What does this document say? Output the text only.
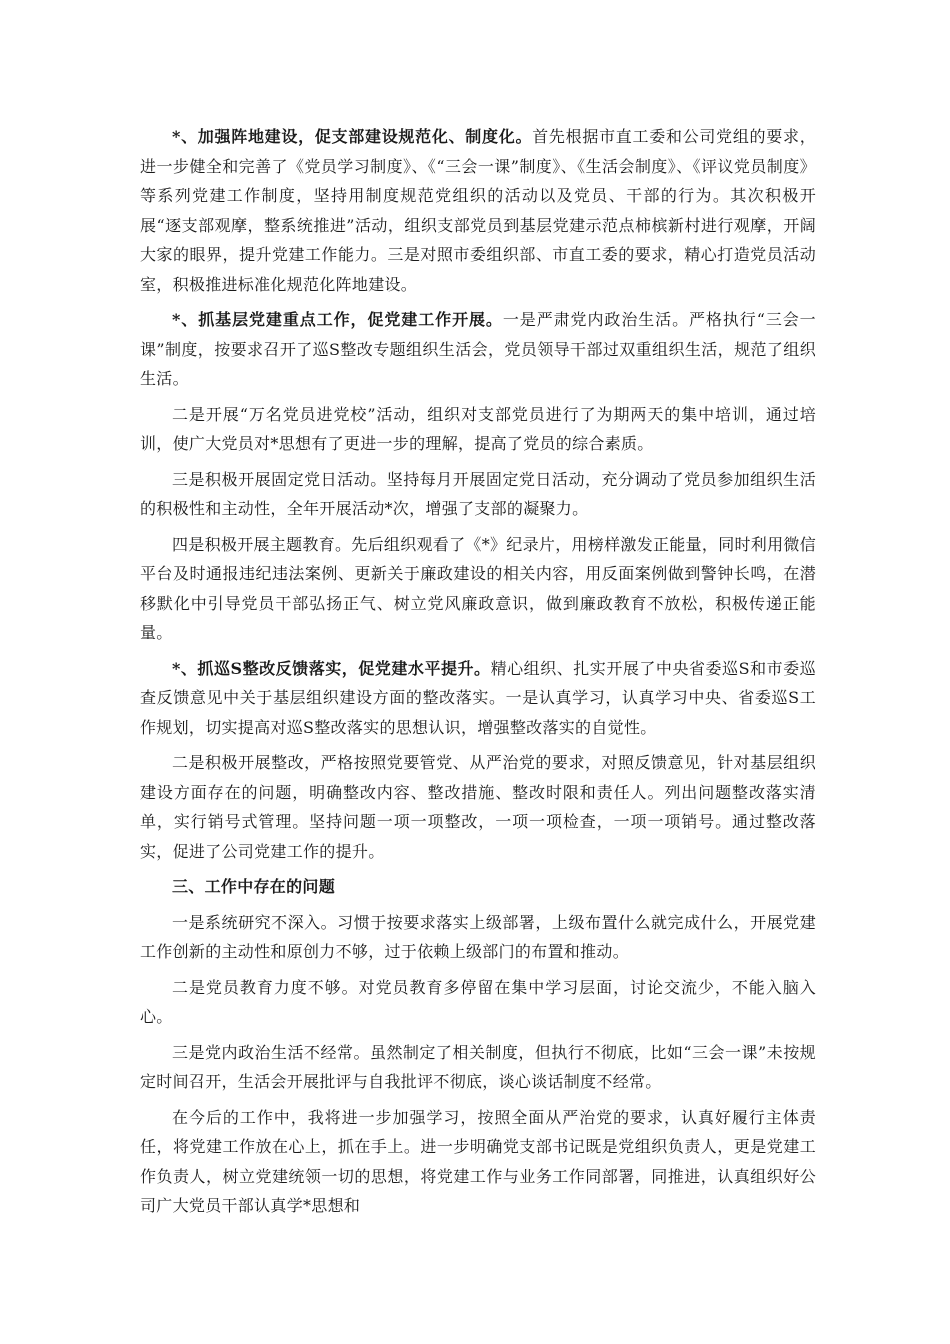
*、加强阵地建设，促支部建设规范化、制度化。首先根据市直工委和公司党组的要求，进一步健全和完善了《党员学习制度》、《“三会一课”制度》、《生活会制度》、《评议党员制度》等系列党建工作制度，坚持用制度规范党组织的活动以及党员、干部的行为。其次积极开展“逐支部观摩，整系统推进”活动，组织支部党员到基层党建示范点柿槟新村进行观摩，开阔大家的眼界，提升党建工作能力。三是对照市委组织部、市直工委的要求，精心打造党员活动室，积极推进标准化规范化阵地建设。

*、抓基层党建重点工作，促党建工作开展。一是严肃党内政治生活。严格执行“三会一课”制度，按要求召开了巡S整改专题组织生活会，党员领导干部过双重组织生活，规范了组织生活。

二是开展“万名党员进党校”活动，组织对支部党员进行了为期两天的集中培训，通过培训，使广大党员对*思想有了更进一步的理解，提高了党员的综合素质。

三是积极开展固定党日活动。坚持每月开展固定党日活动，充分调动了党员参加组织生活的积极性和主动性，全年开展活动*次，增强了支部的凝聚力。

四是积极开展主题教育。先后组织观看了《*》纪录片，用榜样激发正能量，同时利用微信平台及时通报违纪违法案例、更新关于廉政建设的相关内容，用反面案例做到警钟长鸣，在潜移默化中引导党员干部弘扬正气、树立党风廉政意识，做到廉政教育不放松，积极传递正能量。

*、抓巡S整改反馈落实，促党建水平提升。精心组织、扎实开展了中央省委巡S和市委巡查反馈意见中关于基层组织建设方面的整改落实。一是认真学习，认真学习中央、省委巡S工作规划，切实提高对巡S整改落实的思想认识，增强整改落实的自觉性。

二是积极开展整改，严格按照党要管党、从严治党的要求，对照反馈意见，针对基层组织建设方面存在的问题，明确整改内容、整改措施、整改时限和责任人。列出问题整改落实清单，实行销号式管理。坚持问题一项一项整改，一项一项检查，一项一项销号。通过整改落实，促进了公司党建工作的提升。

三、工作中存在的问题

一是系统研究不深入。习惯于按要求落实上级部署，上级布置什么就完成什么，开展党建工作创新的主动性和原创力不够，过于依赖上级部门的布置和推动。

二是党员教育力度不够。对党员教育多停留在集中学习层面，讨论交流少，不能入脑入心。

三是党内政治生活不经常。虽然制定了相关制度，但执行不彻底，比如“三会一课”未按规定时间召开，生活会开展批评与自我批评不彻底，谈心谈话制度不经常。

在今后的工作中，我将进一步加强学习，按照全面从严治党的要求，认真好履行主体责任，将党建工作放在心上，抓在手上。进一步明确党支部书记既是党组织负责人，更是党建工作负责人，树立党建统领一切的思想，将党建工作与业务工作同部署，同推进，认真组织好公司广大党员干部认真学*思想和
